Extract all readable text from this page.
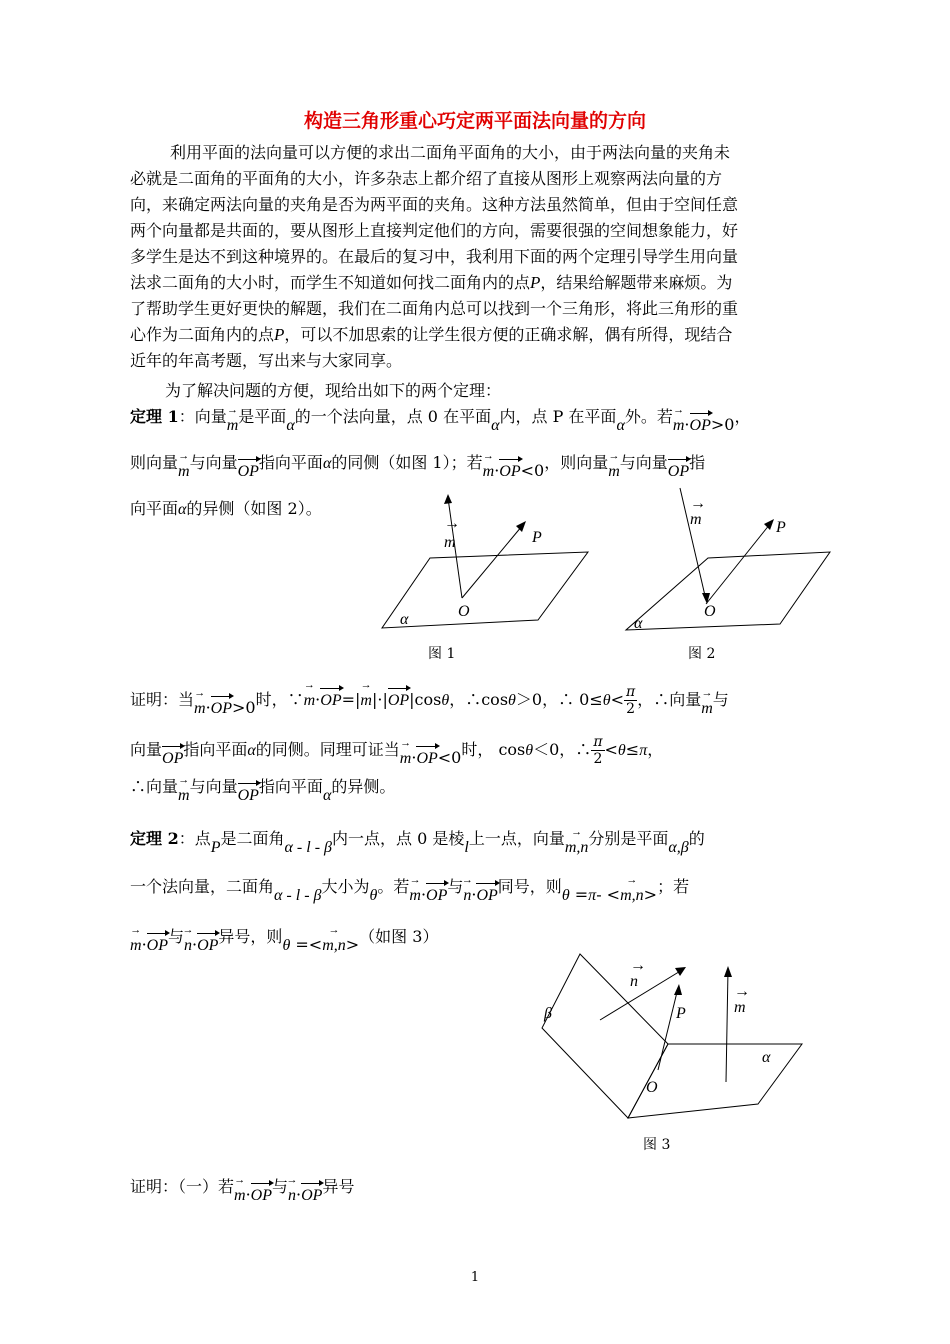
构造三角形重心巧定两平面法向量的方向
利用平面的法向量可以方便的求出二面角平面角的大小，由于两法向量的夹角未
必就是二面角的平面角的大小，许多杂志上都介绍了直接从图形上观察两法向量的方
向，来确定两法向量的夹角是否为两平面的夹角。这种方法虽然简单，但由于空间任意
两个向量都是共面的，要从图形上直接判定他们的方向，需要很强的空间想象能力，好
多学生是达不到这种境界的。在最后的复习中，我利用下面的两个定理引导学生用向量
法求二面角的大小时，而学生不知道如何找二面角内的点P，结果给解题带来麻烦。为
了帮助学生更好更快的解题，我们在二面角内总可以找到一个三角形，将此三角形的重
心作为二面角内的点P，可以不加思索的让学生很方便的正确求解，偶有所得，现结合
近年的年高考题，写出来与大家同享。
为了解决问题的方便，现给出如下的两个定理：
定理 1：向量→ m是平面α的一个法向量，点 0 在平面α内，点 P 在平面α外。若→ m·OP>0，
则向量→ m与向量OP指向平面α的同侧（如图 1）；若→ m·OP<0，则向量→ m与向量OP指
向平面α的异侧（如图 2）。
m
→
P
O
α
图 1
m
→
P
O
α
图 2
证明：当→ m·OP>0时，∵→ m·OP=|→ m|·|OP|cosθ，∴cosθ＞0，∴ $0\le\theta< \frac{\pi}{2}$ ，∴向量→ m与
向量OP指向平面α的同侧。同理可证当→ m·OP<0时， cosθ＜0，∴ $\frac{\pi}{2} <\theta\le\pi$，
∴向量→ m与向量OP指向平面α的异侧。
定理 2：点P是二面角α - l - β内一点，点 0 是棱l上一点，向量→ m,n分别是平面α,β的
一个法向量，二面角α - l - β大小为θ。若→ m·OP与→ n·OP同号，则θ =π- <→ m,n>；若
→ m·OP与→ n·OP异号，则θ =<→ m,n>（如图 3）
n
→
m
→
P
O
β
α
图 3
证明：（一）若→ m·OP与→ n·OP异号
1
